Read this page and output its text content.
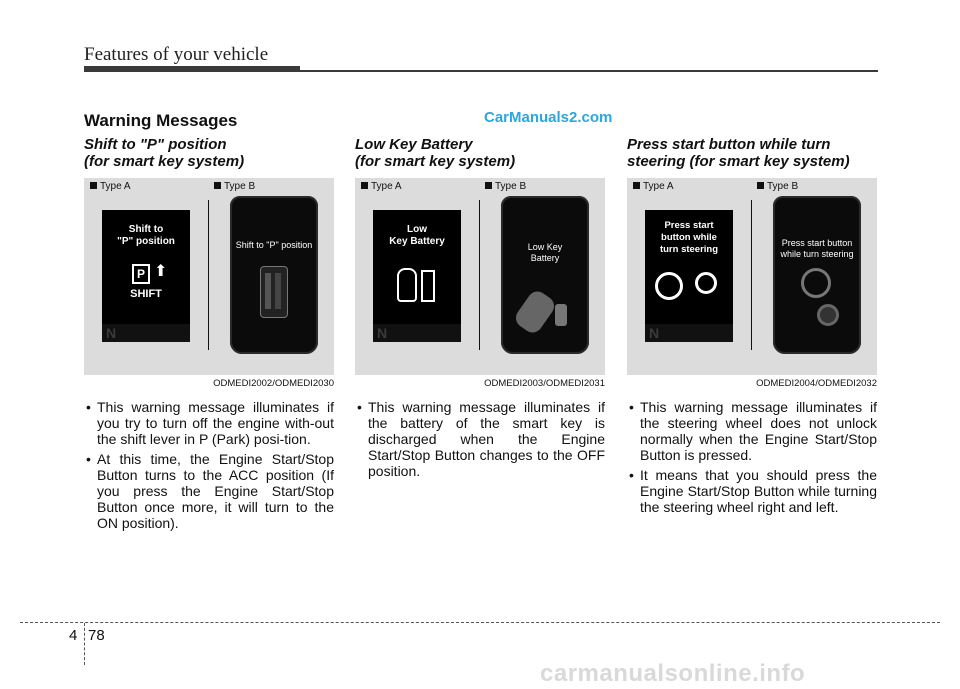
Features of your vehicle
Warning Messages	CarManuals2.com
Shift to "P" position
(for smart key system)
Type A	Type B
Shift to
"P" position
P ⬆
SHIFT
N
Shift to "P" position
ODMEDI2002/ODMEDI2030
• This warning message illuminates if you try to turn off the engine with-out the shift lever in P (Park) posi-tion.
• At this time, the Engine Start/Stop Button turns to the ACC position (If you press the Engine Start/Stop Button once more, it will turn to the ON position).
Low Key Battery
(for smart key system)
Type A	Type B
Low
Key Battery
N
Low Key
Battery
ODMEDI2003/ODMEDI2031
• This warning message illuminates if the battery of the smart key is discharged when the Engine Start/Stop Button changes to the OFF position.
Press start button while turn
steering (for smart key system)
Type A	Type B
Press start
button while
turn steering
N
Press start button
while turn steering
ODMEDI2004/ODMEDI2032
• This warning message illuminates if the steering wheel does not unlock normally when the Engine Start/Stop Button is pressed.
• It means that you should press the Engine Start/Stop Button while turning the steering wheel right and left.
4 78
carmanualsonline.info
